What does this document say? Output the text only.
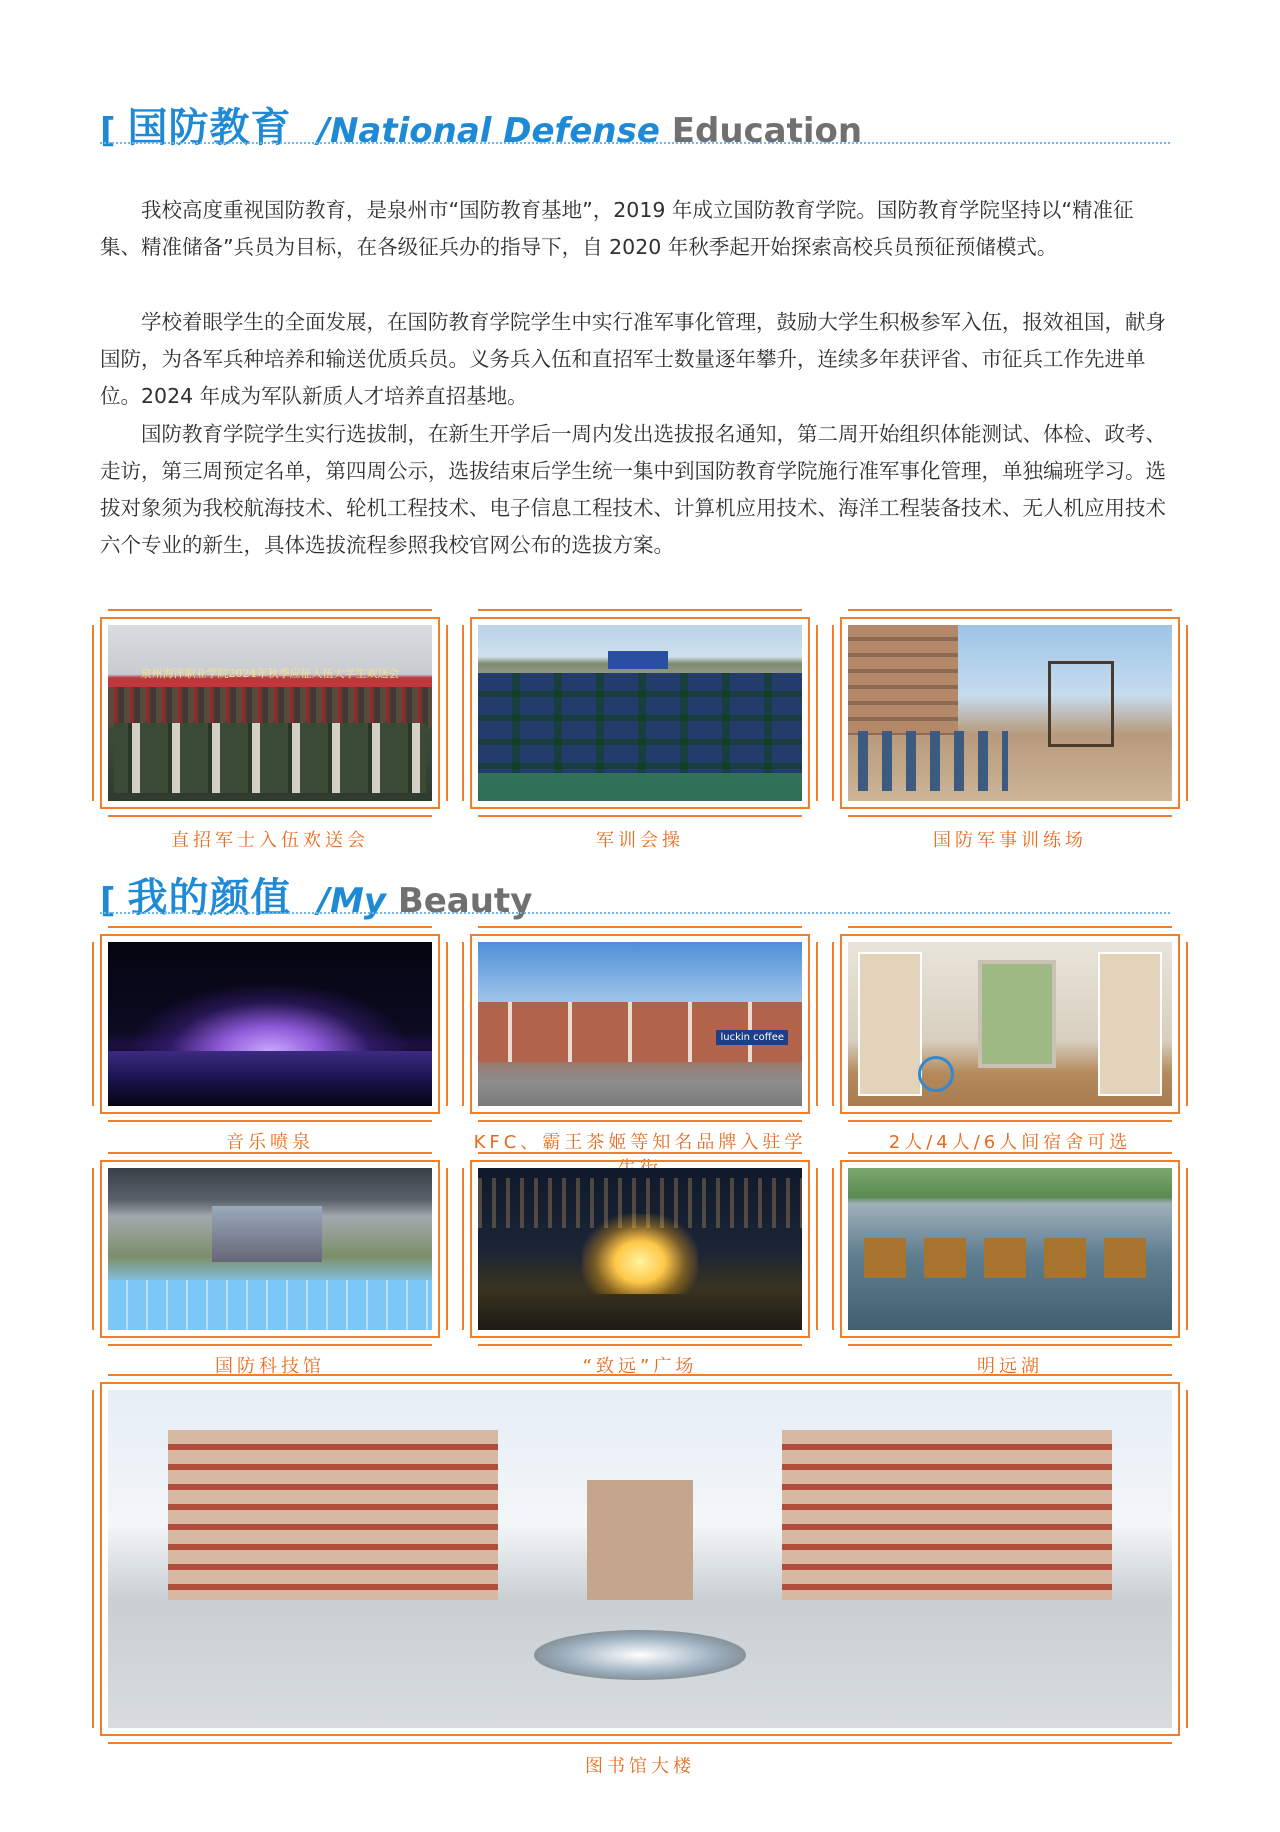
[ 国防教育 /National Defense Education

我校高度重视国防教育，是泉州市“国防教育基地”，2019 年成立国防教育学院。国防教育学院坚持以“精准征集、精准储备”兵员为目标，在各级征兵办的指导下，自 2020 年秋季起开始探索高校兵员预征预储模式。

学校着眼学生的全面发展，在国防教育学院学生中实行准军事化管理，鼓励大学生积极参军入伍，报效祖国，献身国防，为各军兵种培养和输送优质兵员。义务兵入伍和直招军士数量逐年攀升，连续多年获评省、市征兵工作先进单位。2024 年成为军队新质人才培养直招基地。

国防教育学院学生实行选拔制，在新生开学后一周内发出选拔报名通知，第二周开始组织体能测试、体检、政考、走访，第三周预定名单，第四周公示，选拔结束后学生统一集中到国防教育学院施行准军事化管理，单独编班学习。选拔对象须为我校航海技术、轮机工程技术、电子信息工程技术、计算机应用技术、海洋工程装备技术、无人机应用技术六个专业的新生，具体选拔流程参照我校官网公布的选拔方案。

泉州海洋职业学院2024年秋季应征入伍大学生欢送会
直招军士入伍欢送会	军训会操	国防军事训练场
[ 我的颜值 /My Beauty
音乐喷泉
luckin coffee
KFC、霸王茶姬等知名品牌入驻学	2人/4人/6人间宿舍可选
国防科技馆	“致远”广场	明远湖
图书馆大楼
